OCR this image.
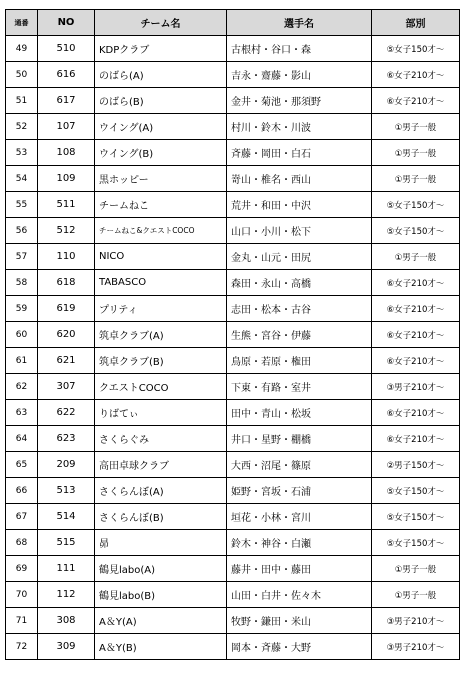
通番	NO	チーム名	選手名	部別
49	510	KDPクラブ	古根村・谷口・森	⑤女子150才～
50	616	のばら(A)	吉永・齋藤・影山	⑥女子210才～
51	617	のばら(B)	金井・菊池・那須野	⑥女子210才～
52	107	ウイング(A)	村川・鈴木・川波	①男子一般
53	108	ウイング(B)	斉藤・岡田・白石	①男子一般
54	109	黒ホッピー	嵜山・椎名・西山	①男子一般
55	511	チームねこ	荒井・和田・中沢	⑤女子150才～
56	512	チームねこ&クエストCOCO	山口・小川・松下	⑤女子150才～
57	110	NICO	金丸・山元・田尻	①男子一般
58	618	TABASCO	森田・永山・高橋	⑥女子210才～
59	619	プリティ	志田・松本・古谷	⑥女子210才～
60	620	筑卓クラブ(A)	生熊・宮谷・伊藤	⑥女子210才～
61	621	筑卓クラブ(B)	鳥原・若原・権田	⑥女子210才～
62	307	クエストCOCO	下東・有路・室井	③男子210才～
63	622	りばてぃ	田中・青山・松坂	⑥女子210才～
64	623	さくらぐみ	井口・星野・棚橋	⑥女子210才～
65	209	高田卓球クラブ	大西・沼尾・篠原	②男子150才～
66	513	さくらんぼ(A)	姫野・宮坂・石浦	⑤女子150才～
67	514	さくらんぼ(B)	垣花・小林・宮川	⑤女子150才～
68	515	昴	鈴木・神谷・白瀬	⑤女子150才～
69	111	鶴見labo(A)	藤井・田中・藤田	①男子一般
70	112	鶴見labo(B)	山田・白井・佐々木	①男子一般
71	308	A＆Y(A)	牧野・鎌田・米山	③男子210才～
72	309	A＆Y(B)	岡本・斉藤・大野	③男子210才～
